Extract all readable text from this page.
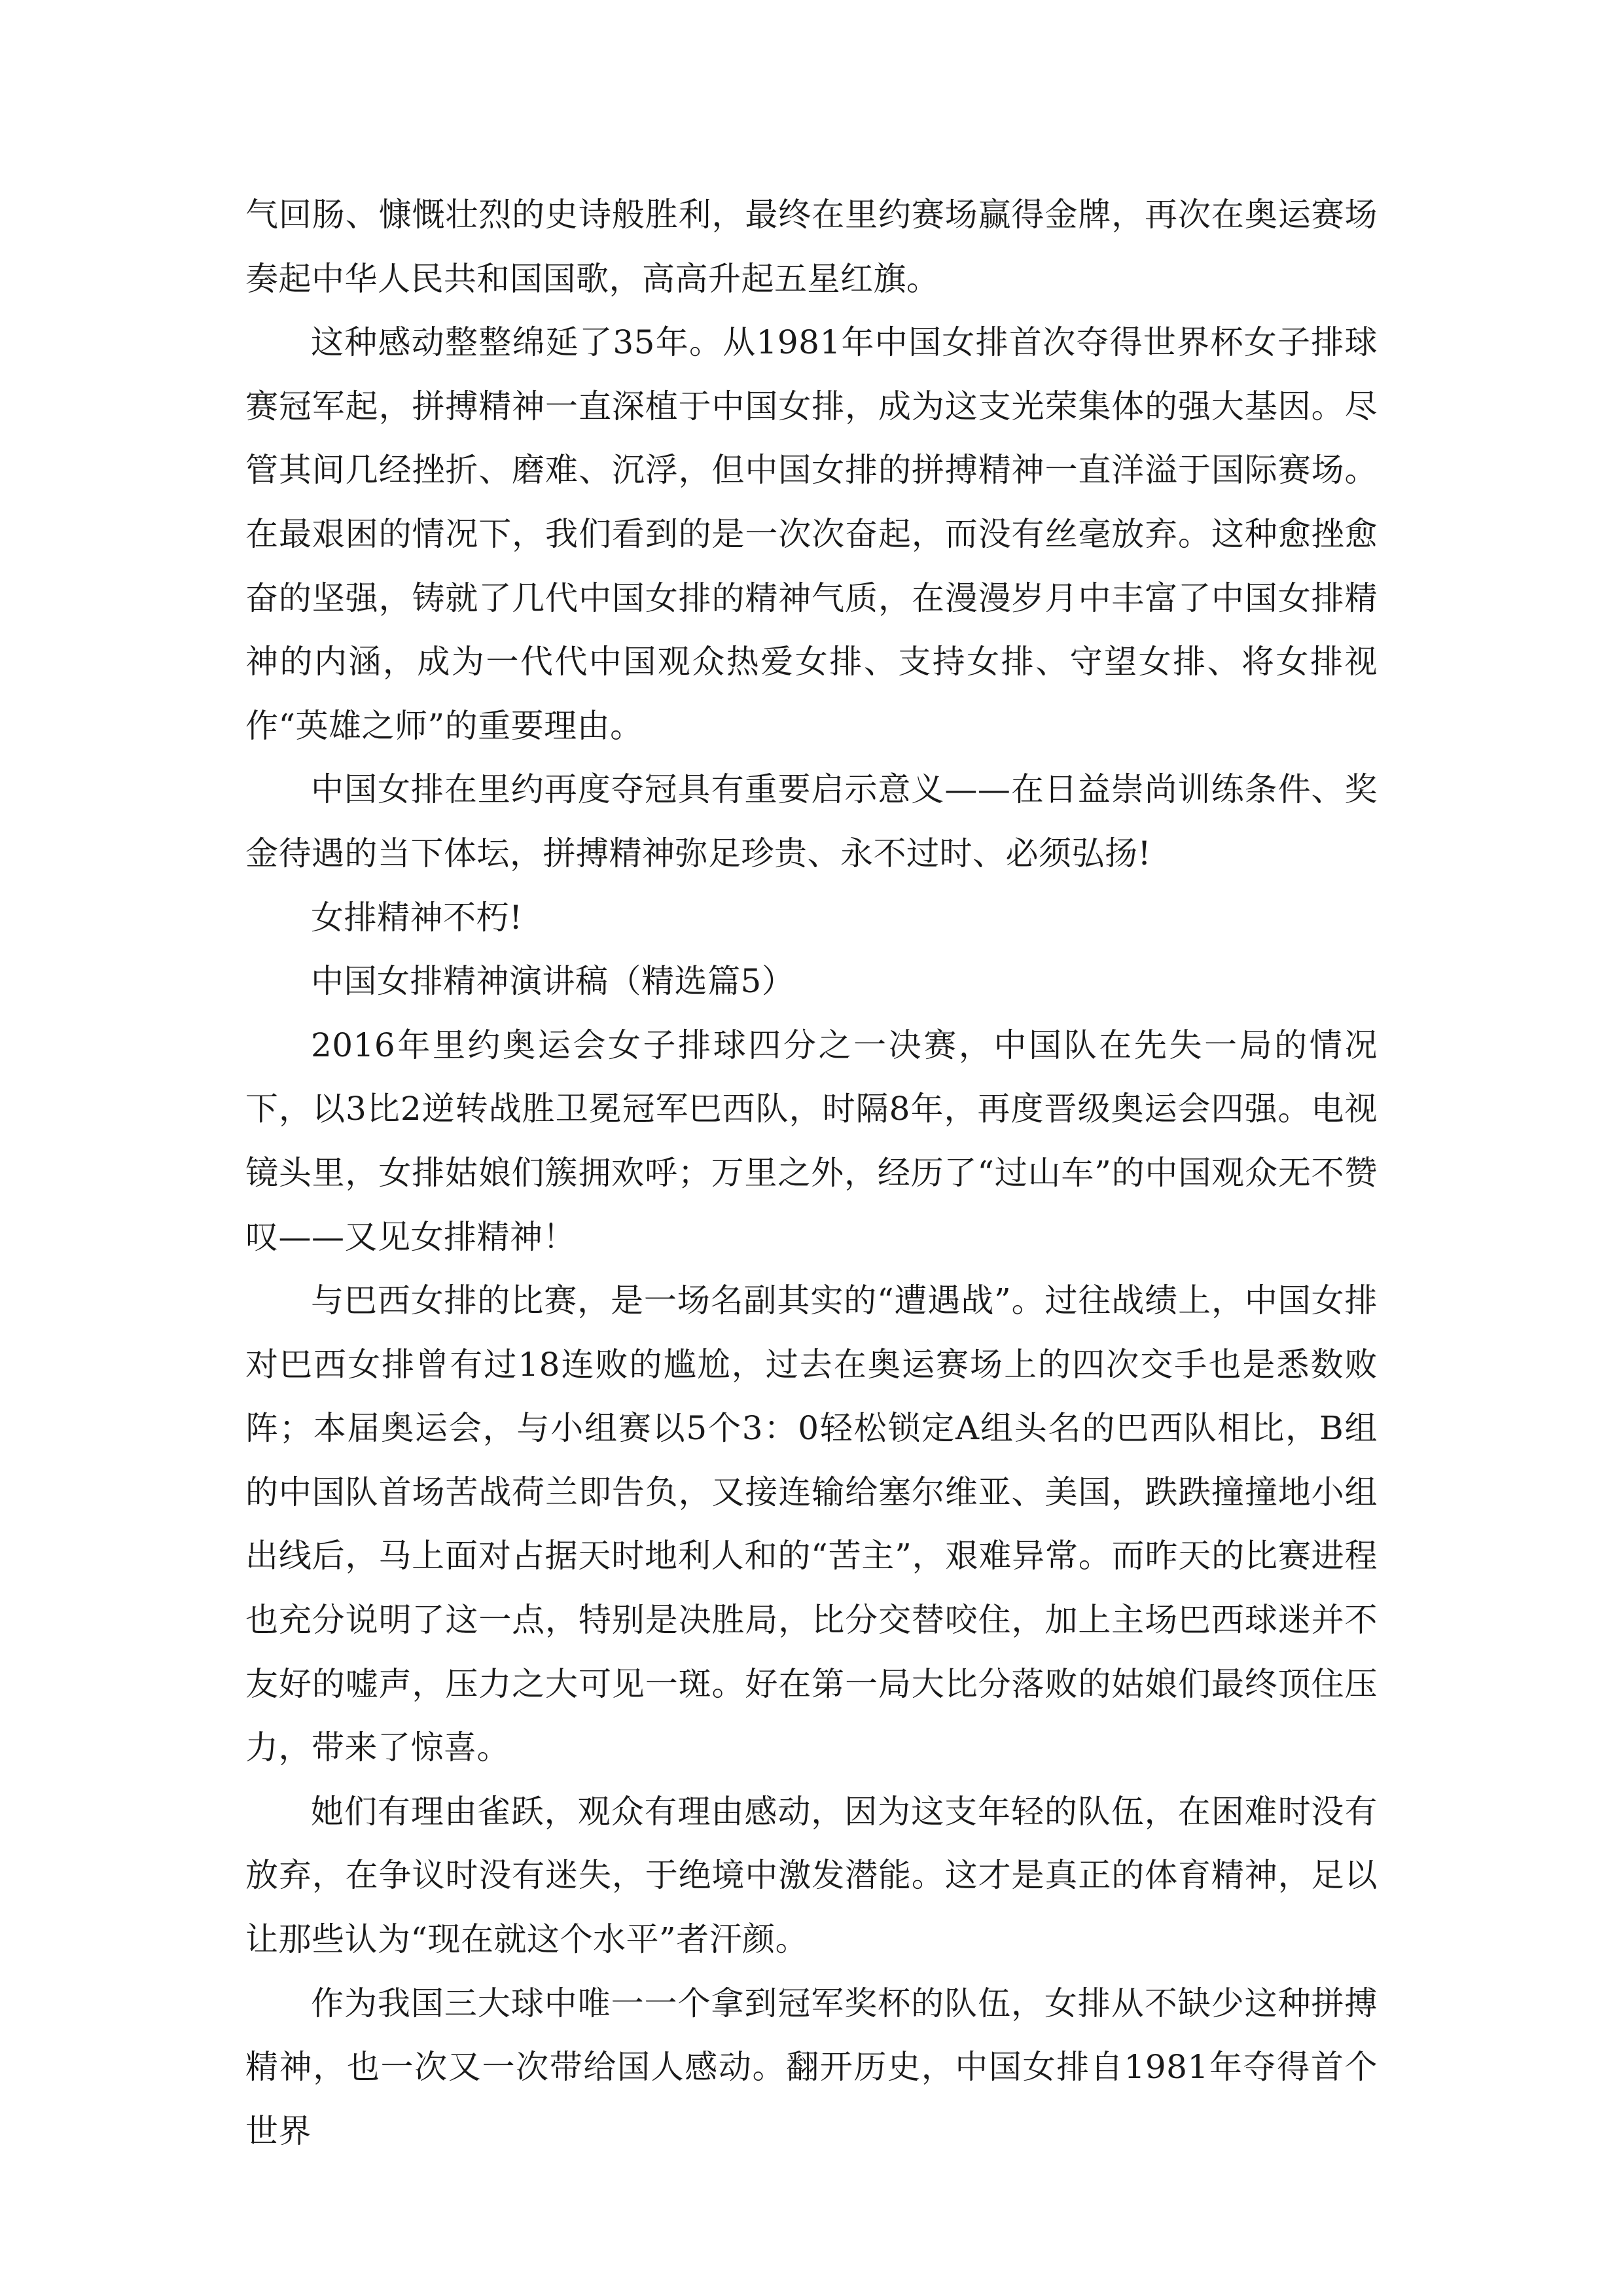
气回肠、慷慨壮烈的史诗般胜利，最终在里约赛场赢得金牌，再次在奥运赛场奏起中华人民共和国国歌，高高升起五星红旗。

这种感动整整绵延了35年。从1981年中国女排首次夺得世界杯女子排球赛冠军起，拼搏精神一直深植于中国女排，成为这支光荣集体的强大基因。尽管其间几经挫折、磨难、沉浮，但中国女排的拼搏精神一直洋溢于国际赛场。在最艰困的情况下，我们看到的是一次次奋起，而没有丝毫放弃。这种愈挫愈奋的坚强，铸就了几代中国女排的精神气质，在漫漫岁月中丰富了中国女排精神的内涵，成为一代代中国观众热爱女排、支持女排、守望女排、将女排视作“英雄之师”的重要理由。

中国女排在里约再度夺冠具有重要启示意义——在日益崇尚训练条件、奖金待遇的当下体坛，拼搏精神弥足珍贵、永不过时、必须弘扬!

女排精神不朽!

中国女排精神演讲稿（精选篇5）

2016年里约奥运会女子排球四分之一决赛，中国队在先失一局的情况下，以3比2逆转战胜卫冕冠军巴西队，时隔8年，再度晋级奥运会四强。电视镜头里，女排姑娘们簇拥欢呼；万里之外，经历了“过山车”的中国观众无不赞叹——又见女排精神！

与巴西女排的比赛，是一场名副其实的“遭遇战”。过往战绩上，中国女排对巴西女排曾有过18连败的尴尬，过去在奥运赛场上的四次交手也是悉数败阵；本届奥运会，与小组赛以5个3：0轻松锁定A组头名的巴西队相比，B组的中国队首场苦战荷兰即告负，又接连输给塞尔维亚、美国，跌跌撞撞地小组出线后，马上面对占据天时地利人和的“苦主”，艰难异常。而昨天的比赛进程也充分说明了这一点，特别是决胜局，比分交替咬住，加上主场巴西球迷并不友好的嘘声，压力之大可见一斑。好在第一局大比分落败的姑娘们最终顶住压力，带来了惊喜。

她们有理由雀跃，观众有理由感动，因为这支年轻的队伍，在困难时没有放弃，在争议时没有迷失，于绝境中激发潜能。这才是真正的体育精神，足以让那些认为“现在就这个水平”者汗颜。

作为我国三大球中唯一一个拿到冠军奖杯的队伍，女排从不缺少这种拼搏精神，也一次又一次带给国人感动。翻开历史，中国女排自1981年夺得首个世界
